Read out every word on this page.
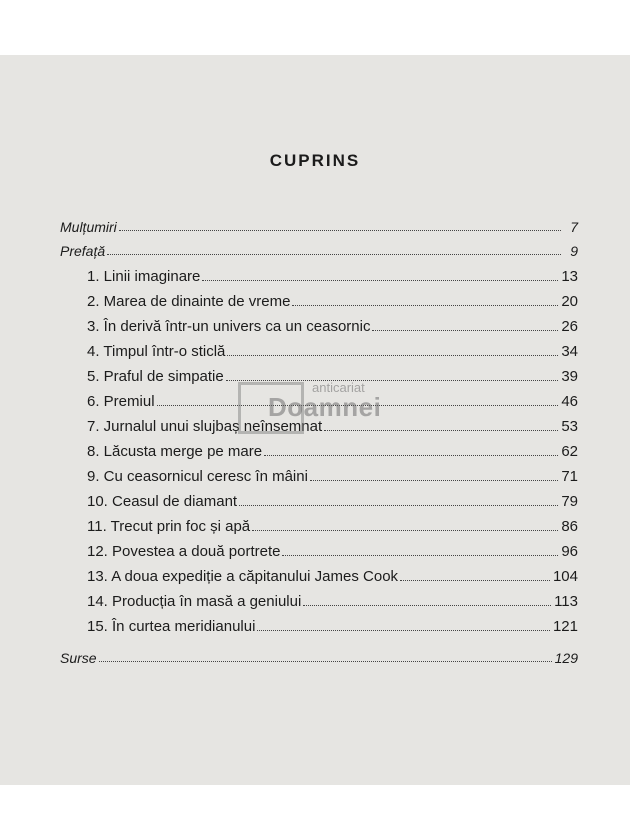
CUPRINS
Mulțumiri	7
Prefață	9
1. Linii imaginare	13
2. Marea de dinainte de vreme	20
3. În derivă într-un univers ca un ceasornic	26
4. Timpul într-o sticlă	34
5. Praful de simpatie	39
6. Premiul	46
7. Jurnalul unui slujbaș neînsemnat	53
8. Lăcusta merge pe mare	62
9. Cu ceasornicul ceresc în mâini	71
10. Ceasul de diamant	79
11. Trecut prin foc și apă	86
12. Povestea a două portrete	96
13. A doua expediție a căpitanului James Cook	104
14. Producția în masă a geniului	113
15. În curtea meridianului	121
Surse	129
anticariat
Doamnei
